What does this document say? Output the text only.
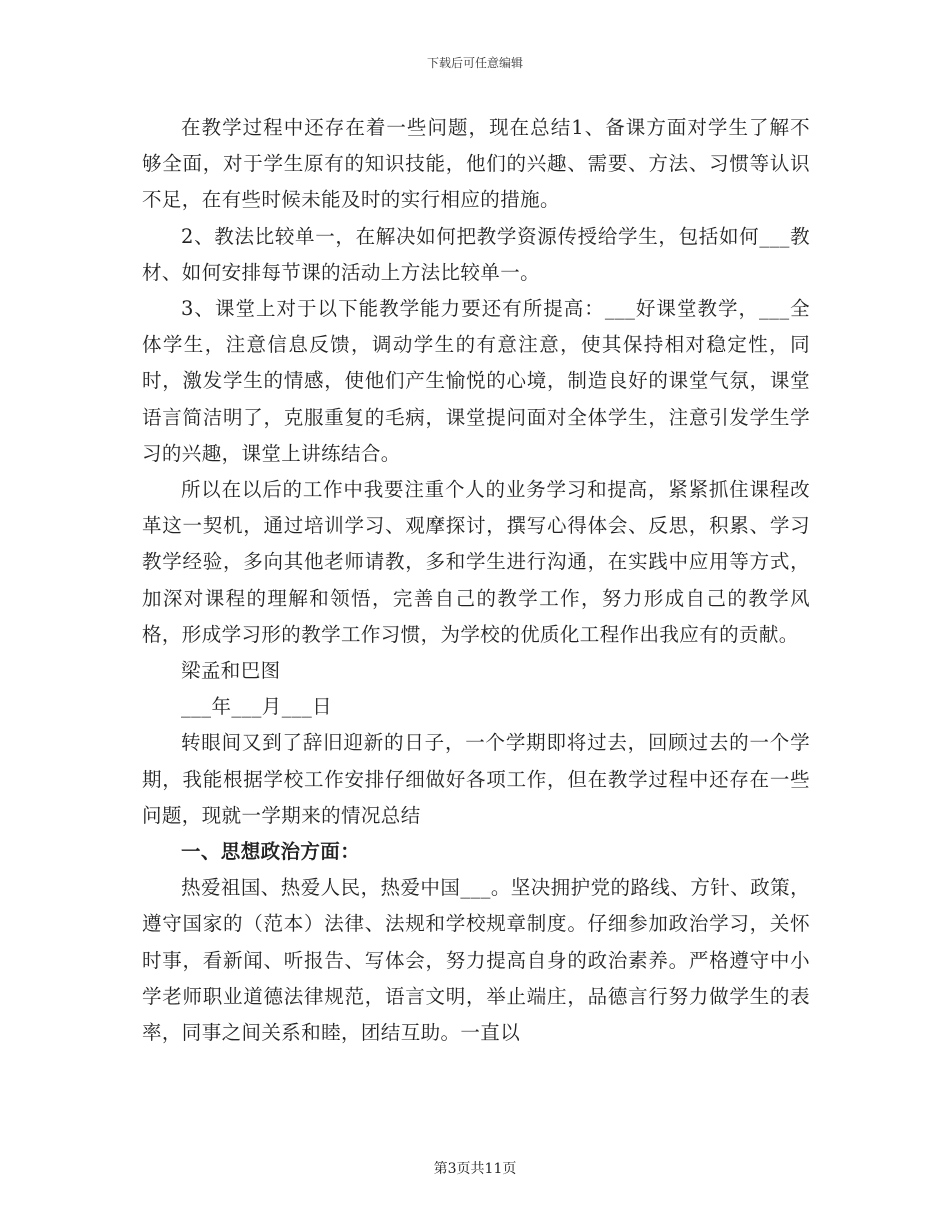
下载后可任意编辑

在教学过程中还存在着一些问题，现在总结1、备课方面对学生了解不够全面，对于学生原有的知识技能，他们的兴趣、需要、方法、习惯等认识不足，在有些时候未能及时的实行相应的措施。

2、教法比较单一，在解决如何把教学资源传授给学生，包括如何___教材、如何安排每节课的活动上方法比较单一。

3、课堂上对于以下能教学能力要还有所提高：___好课堂教学，___全体学生，注意信息反馈，调动学生的有意注意，使其保持相对稳定性，同时，激发学生的情感，使他们产生愉悦的心境，制造良好的课堂气氛，课堂语言简洁明了，克服重复的毛病，课堂提问面对全体学生，注意引发学生学习的兴趣，课堂上讲练结合。

所以在以后的工作中我要注重个人的业务学习和提高，紧紧抓住课程改革这一契机，通过培训学习、观摩探讨，撰写心得体会、反思，积累、学习教学经验，多向其他老师请教，多和学生进行沟通，在实践中应用等方式，加深对课程的理解和领悟，完善自己的教学工作，努力形成自己的教学风格，形成学习形的教学工作习惯，为学校的优质化工程作出我应有的贡献。

梁孟和巴图

___年___月___日

转眼间又到了辞旧迎新的日子，一个学期即将过去，回顾过去的一个学期，我能根据学校工作安排仔细做好各项工作，但在教学过程中还存在一些问题，现就一学期来的情况总结

一、思想政治方面：

热爱祖国、热爱人民，热爱中国___。坚决拥护党的路线、方针、政策，遵守国家的（范本）法律、法规和学校规章制度。仔细参加政治学习，关怀时事，看新闻、听报告、写体会，努力提高自身的政治素养。严格遵守中小学老师职业道德法律规范，语言文明，举止端庄，品德言行努力做学生的表率，同事之间关系和睦，团结互助。一直以

第3页共11页
